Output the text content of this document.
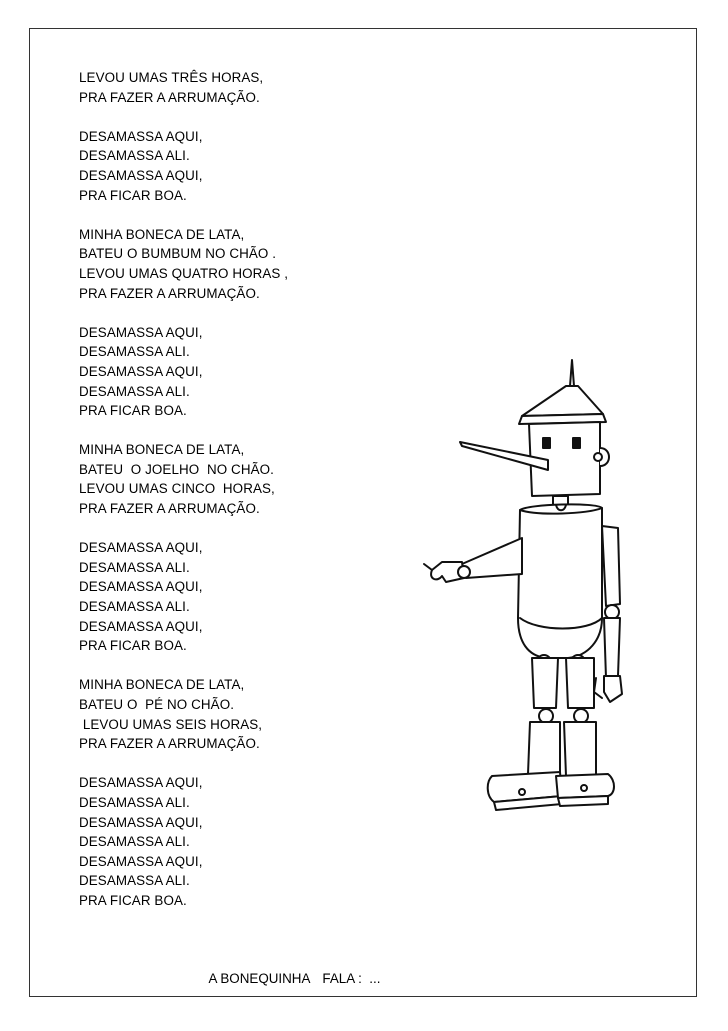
LEVOU UMAS TRÊS HORAS,
PRA FAZER A ARRUMAÇÃO.
DESAMASSA AQUI,
DESAMASSA ALI.
DESAMASSA AQUI,
PRA FICAR BOA.
MINHA BONECA DE LATA,
BATEU O BUMBUM NO CHÃO .
LEVOU UMAS QUATRO HORAS ,
PRA FAZER A ARRUMAÇÃO.
DESAMASSA AQUI,
DESAMASSA ALI.
DESAMASSA AQUI,
DESAMASSA ALI.
PRA FICAR BOA.
MINHA BONECA DE LATA,
BATEU  O JOELHO  NO CHÃO.
LEVOU UMAS CINCO  HORAS,
PRA FAZER A ARRUMAÇÃO.
DESAMASSA AQUI,
DESAMASSA ALI.
DESAMASSA AQUI,
DESAMASSA ALI.
DESAMASSA AQUI,
PRA FICAR BOA.
MINHA BONECA DE LATA,
BATEU O  PÉ NO CHÃO.
LEVOU UMAS SEIS HORAS,
PRA FAZER A ARRUMAÇÃO.
DESAMASSA AQUI,
DESAMASSA ALI.
DESAMASSA AQUI,
DESAMASSA ALI.
DESAMASSA AQUI,
DESAMASSA ALI.
PRA FICAR BOA.

A BONEQUINHA FALA :  ...
